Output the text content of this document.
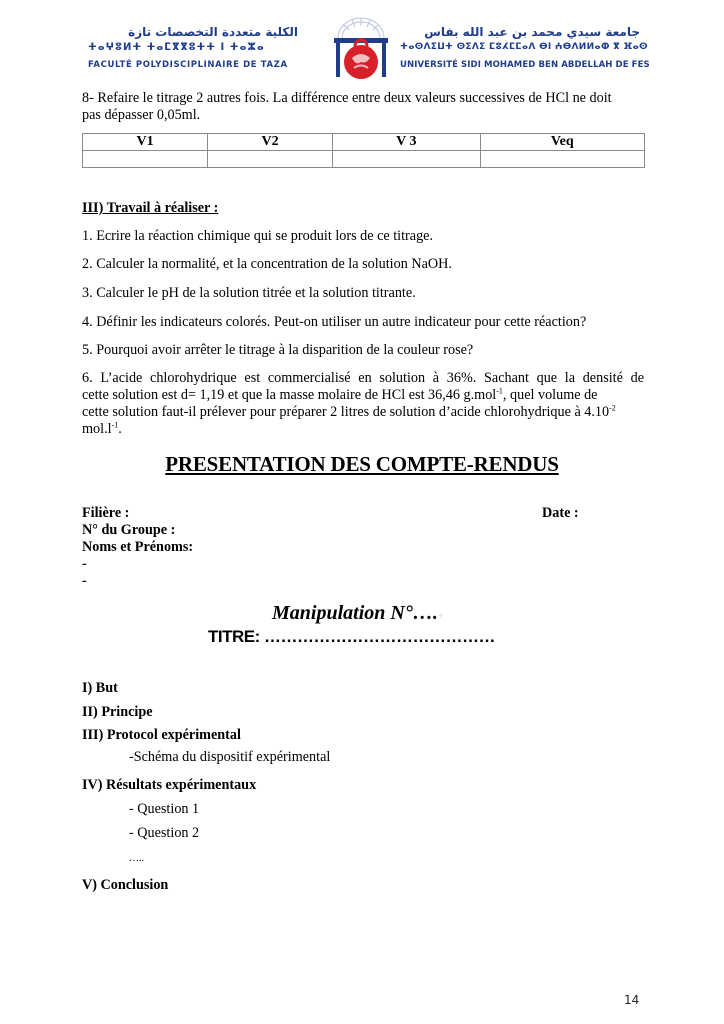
الكلية متعددة التخصصات تازة
ⵜⴰⵖⵓⵍⵜ ⵜⴰⵎⴳⴳⵓⵜⵜ ⵏ ⵜⴰⵣⴰ
FACULTÉ POLYDISCIPLINAIRE DE TAZA
جامعة سيدي محمد بن عبد الله بفاس
ⵜⴰⵙⴷⵉⵡⵜ ⵙⵉⴷⵉ ⵎⵓⵃⵎⵎⴰⴷ ⴱⵏ ⵄⴱⴷⵍⵍⴰⵀ ⴳ ⴼⴰⵙ
UNIVERSITÉ SIDI MOHAMED BEN ABDELLAH DE FES
8- Refaire le titrage 2 autres fois. La différence entre deux valeurs successives de HCl ne doit
pas dépasser 0,05ml.
V1	V2	V 3	Veq

III) Travail à réaliser :
1. Ecrire la réaction chimique qui se produit lors de ce titrage.
2. Calculer la normalité, et la concentration de la solution NaOH.
3. Calculer le pH de la solution titrée et la solution titrante.
4. Définir les indicateurs colorés. Peut-on utiliser un autre indicateur pour cette réaction?
5. Pourquoi avoir arrêter le titrage à la disparition de la couleur rose?
6. L’acide chlorohydrique est commercialisé en solution à 36%. Sachant que la densité de
cette solution est d= 1,19 et que la masse molaire de HCl est 36,46 g.mol$^{-1}$, quel volume de
cette solution faut-il prélever pour préparer 2 litres de solution d’acide chlorohydrique à $4.10^{-2}$
$mol.l^{-1}$.
PRESENTATION DES COMPTE-RENDUS
Filière :	Date :
N° du Groupe :
Noms et Prénoms:
-
-
Manipulation N°…. ◦
TITRE: ……………………………………
I) But
II) Principe
III) Protocol expérimental
-Schéma du dispositif expérimental
IV) Résultats expérimentaux
- Question 1
- Question 2
…..
V) Conclusion
14
